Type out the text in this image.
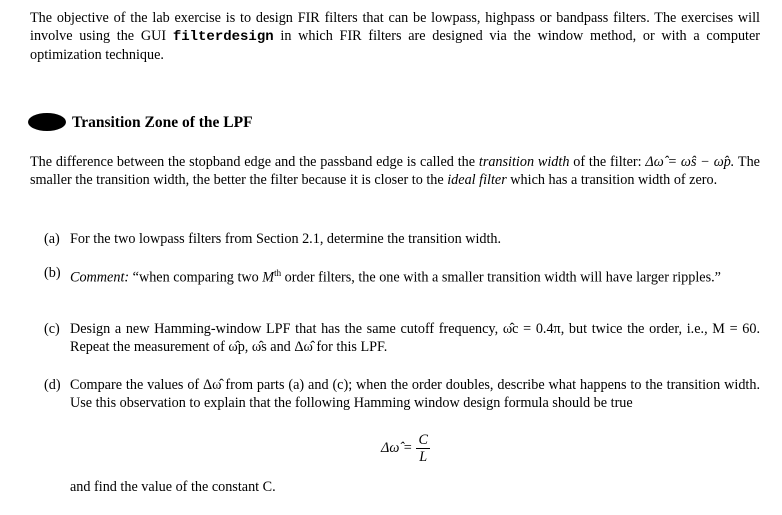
The objective of the lab exercise is to design FIR filters that can be lowpass, highpass or bandpass filters. The exercises will involve using the GUI filterdesign in which FIR filters are designed via the window method, or with a computer optimization technique.
Transition Zone of the LPF
The difference between the stopband edge and the passband edge is called the transition width of the filter: Δω̂ = ω̂s − ω̂p. The smaller the transition width, the better the filter because it is closer to the ideal filter which has a transition width of zero.
(a) For the two lowpass filters from Section 2.1, determine the transition width.
(b) Comment: “when comparing two Mth order filters, the one with a smaller transition width will have larger ripples.”
(c) Design a new Hamming-window LPF that has the same cutoff frequency, ω̂c = 0.4π, but twice the order, i.e., M = 60. Repeat the measurement of ω̂p, ω̂s and Δω̂ for this LPF.
(d) Compare the values of Δω̂ from parts (a) and (c); when the order doubles, describe what happens to the transition width. Use this observation to explain that the following Hamming window design formula should be true
Δω̂ = $\frac{C}{L}$
and find the value of the constant C.
